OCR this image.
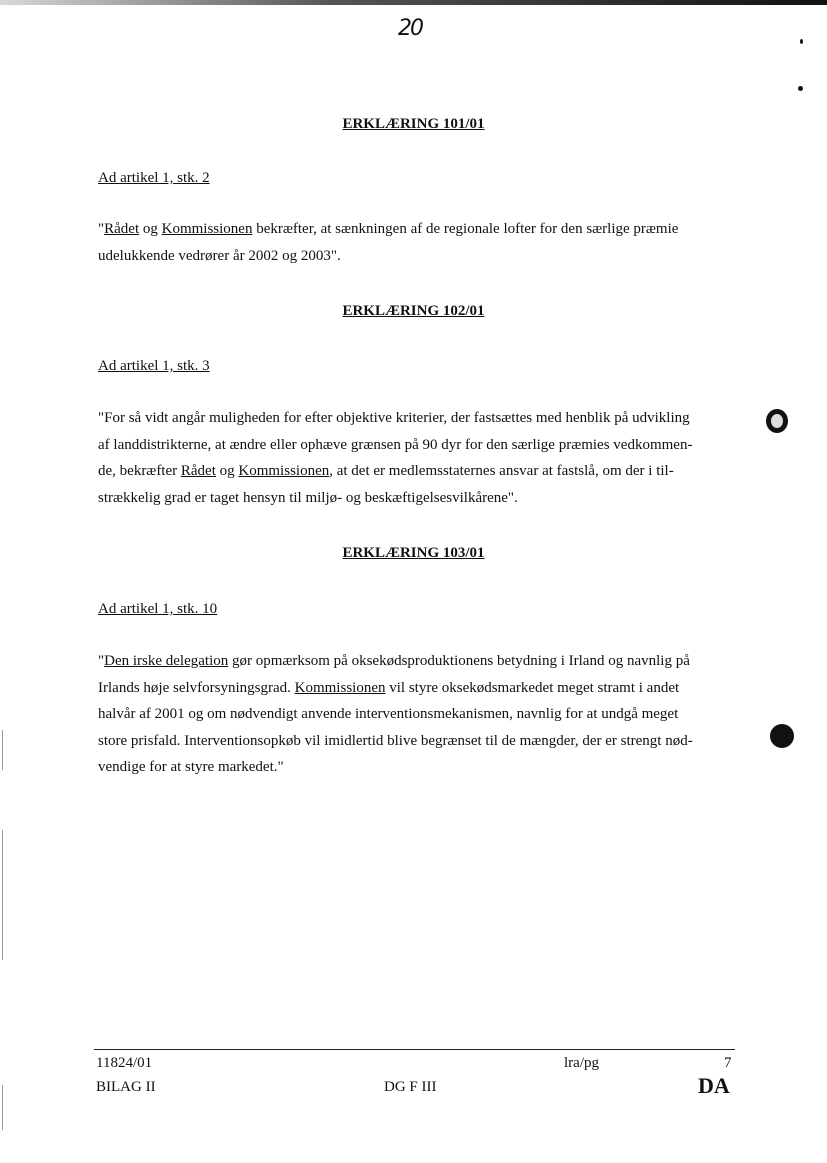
20
ERKLÆRING 101/01
Ad artikel 1, stk. 2
"Rådet og Kommissionen bekræfter, at sænkningen af de regionale lofter for den særlige præmie
udelukkende vedrører år 2002 og 2003".
ERKLÆRING 102/01
Ad artikel 1, stk. 3
"For så vidt angår muligheden for efter objektive kriterier, der fastsættes med henblik på udvikling
af landdistrikterne, at ændre eller ophæve grænsen på 90 dyr for den særlige præmies vedkommen-
de, bekræfter Rådet og Kommissionen, at det er medlemsstaternes ansvar at fastslå, om der i til-
strækkelig grad er taget hensyn til miljø- og beskæftigelsesvilkårene".
ERKLÆRING 103/01
Ad artikel 1, stk. 10
"Den irske delegation gør opmærksom på oksekødsproduktionens betydning i Irland og navnlig på
Irlands høje selvforsyningsgrad. Kommissionen vil styre oksekødsmarkedet meget stramt i andet
halvår af 2001 og om nødvendigt anvende interventionsmekanismen, navnlig for at undgå meget
store prisfald. Interventionsopkøb vil imidlertid blive begrænset til de mængder, der er strengt nød-
vendige for at styre markedet."
11824/01
BILAG II	DG F III
lra/pg	7
DA
